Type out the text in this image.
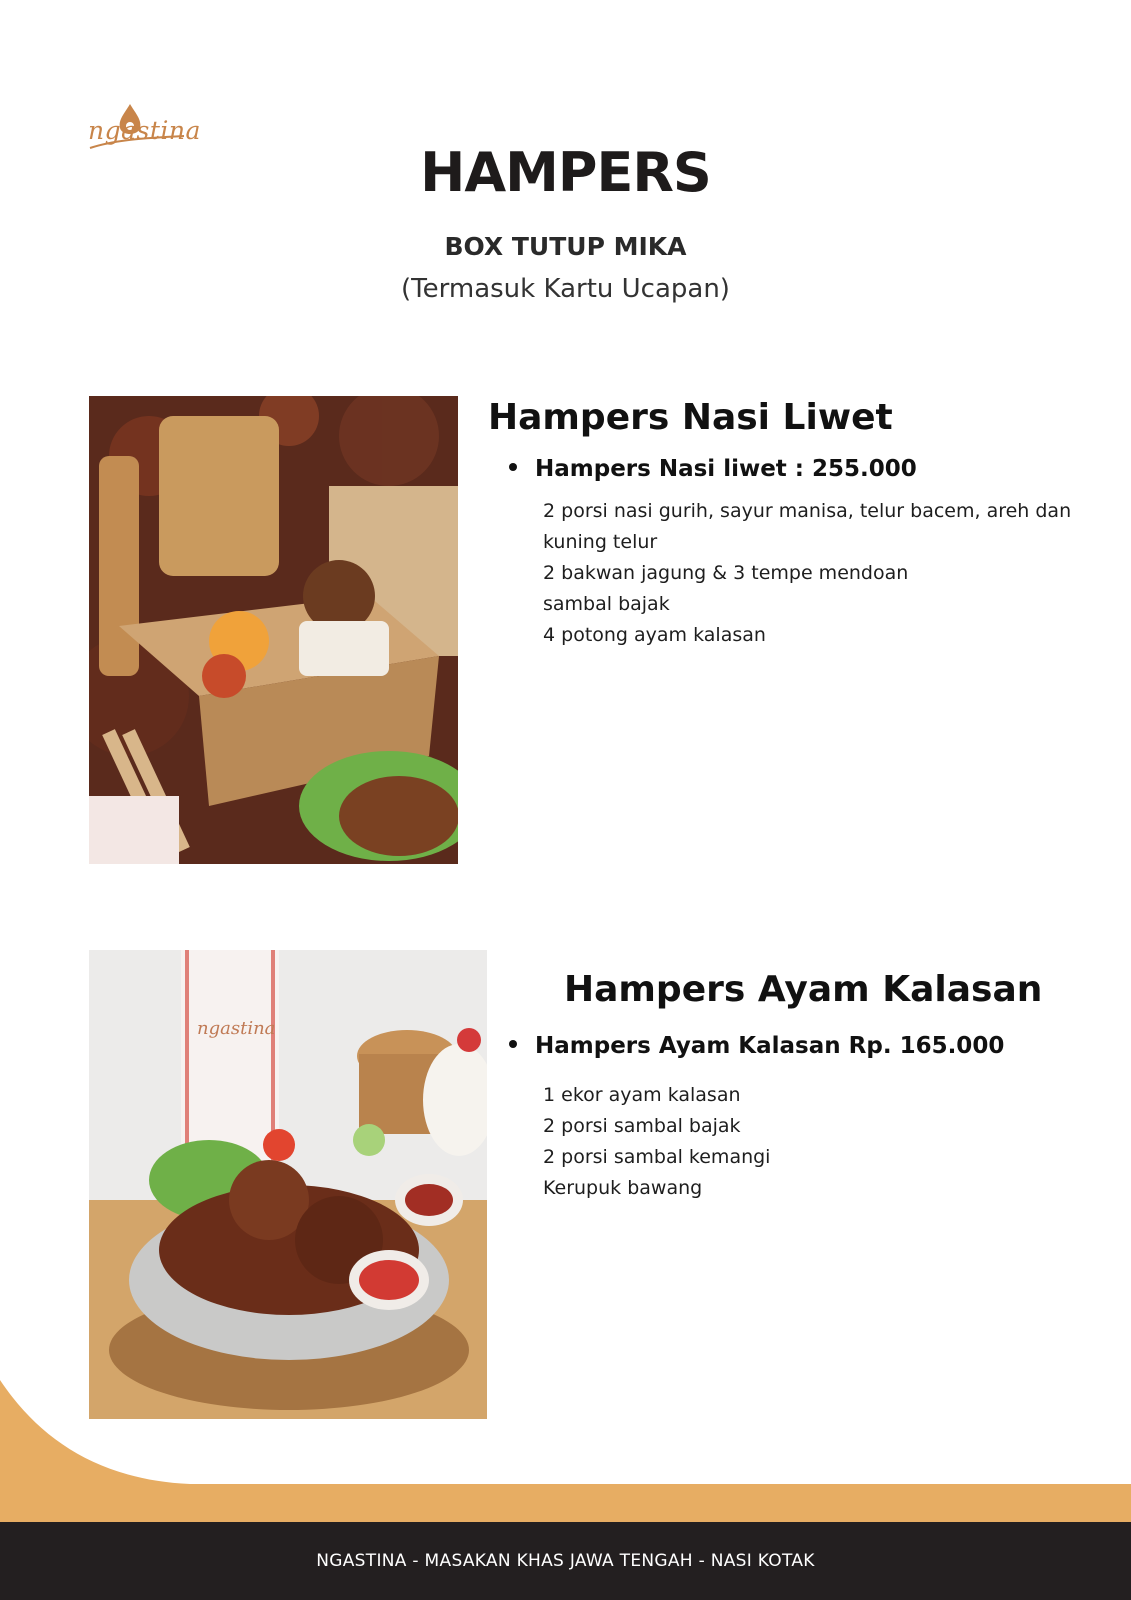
ngastina
HAMPERS
BOX TUTUP MIKA
(Termasuk Kartu Ucapan)
Hampers Nasi Liwet
Hampers Nasi liwet : 255.000
2 porsi nasi gurih, sayur manisa, telur bacem, areh dan kuning telur
2 bakwan jagung & 3 tempe mendoan
sambal bajak
4 potong ayam kalasan
ngastina
Hampers Ayam Kalasan
Hampers Ayam Kalasan Rp. 165.000
1 ekor ayam kalasan
2 porsi sambal bajak
2 porsi sambal kemangi
Kerupuk bawang
NGASTINA - MASAKAN KHAS JAWA TENGAH - NASI KOTAK
